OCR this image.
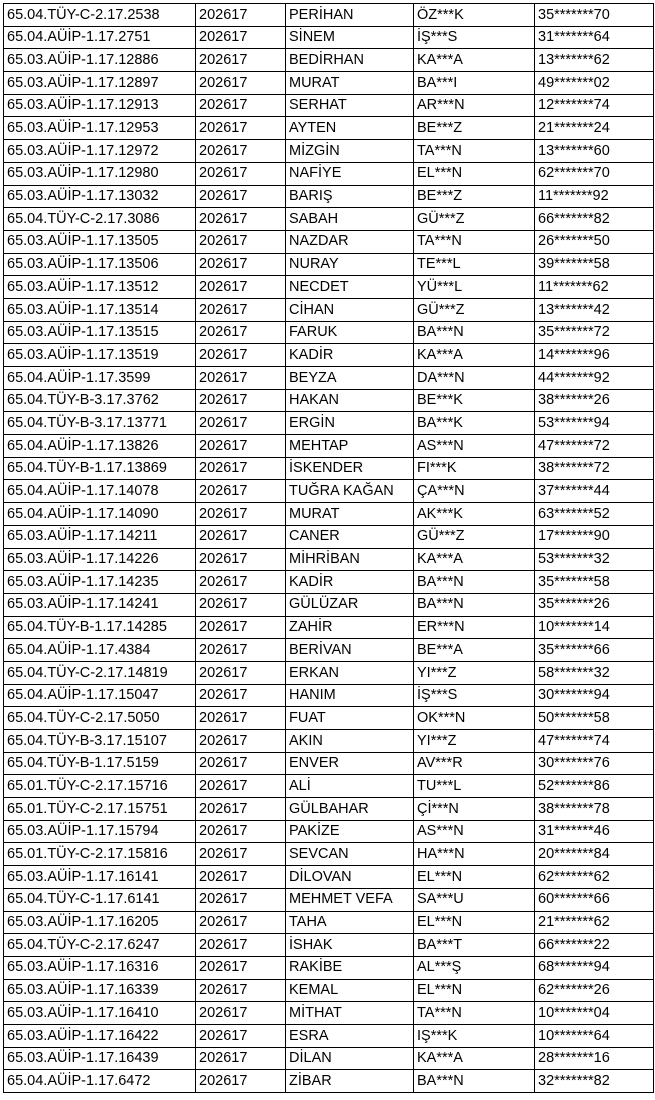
65.04.TÜY-C-2.17.2538	202617	PERİHAN	ÖZ***K	35*******70
65.04.AÜİP-1.17.2751	202617	SİNEM	İŞ***S	31*******64
65.03.AÜİP-1.17.12886	202617	BEDİRHAN	KA***A	13*******62
65.03.AÜİP-1.17.12897	202617	MURAT	BA***I	49*******02
65.03.AÜİP-1.17.12913	202617	SERHAT	AR***N	12*******74
65.03.AÜİP-1.17.12953	202617	AYTEN	BE***Z	21*******24
65.03.AÜİP-1.17.12972	202617	MİZGİN	TA***N	13*******60
65.03.AÜİP-1.17.12980	202617	NAFİYE	EL***N	62*******70
65.03.AÜİP-1.17.13032	202617	BARIŞ	BE***Z	11*******92
65.04.TÜY-C-2.17.3086	202617	SABAH	GÜ***Z	66*******82
65.03.AÜİP-1.17.13505	202617	NAZDAR	TA***N	26*******50
65.03.AÜİP-1.17.13506	202617	NURAY	TE***L	39*******58
65.03.AÜİP-1.17.13512	202617	NECDET	YÜ***L	11*******62
65.03.AÜİP-1.17.13514	202617	CİHAN	GÜ***Z	13*******42
65.03.AÜİP-1.17.13515	202617	FARUK	BA***N	35*******72
65.03.AÜİP-1.17.13519	202617	KADİR	KA***A	14*******96
65.04.AÜİP-1.17.3599	202617	BEYZA	DA***N	44*******92
65.04.TÜY-B-3.17.3762	202617	HAKAN	BE***K	38*******26
65.04.TÜY-B-3.17.13771	202617	ERGİN	BA***K	53*******94
65.04.AÜİP-1.17.13826	202617	MEHTAP	AS***N	47*******72
65.04.TÜY-B-1.17.13869	202617	İSKENDER	FI***K	38*******72
65.04.AÜİP-1.17.14078	202617	TUĞRA KAĞAN	ÇA***N	37*******44
65.04.AÜİP-1.17.14090	202617	MURAT	AK***K	63*******52
65.03.AÜİP-1.17.14211	202617	CANER	GÜ***Z	17*******90
65.03.AÜİP-1.17.14226	202617	MİHRİBAN	KA***A	53*******32
65.03.AÜİP-1.17.14235	202617	KADİR	BA***N	35*******58
65.03.AÜİP-1.17.14241	202617	GÜLÜZAR	BA***N	35*******26
65.04.TÜY-B-1.17.14285	202617	ZAHİR	ER***N	10*******14
65.04.AÜİP-1.17.4384	202617	BERİVAN	BE***A	35*******66
65.04.TÜY-C-2.17.14819	202617	ERKAN	YI***Z	58*******32
65.04.AÜİP-1.17.15047	202617	HANIM	İŞ***S	30*******94
65.04.TÜY-C-2.17.5050	202617	FUAT	OK***N	50*******58
65.04.TÜY-B-3.17.15107	202617	AKIN	YI***Z	47*******74
65.04.TÜY-B-1.17.5159	202617	ENVER	AV***R	30*******76
65.01.TÜY-C-2.17.15716	202617	ALİ	TU***L	52*******86
65.01.TÜY-C-2.17.15751	202617	GÜLBAHAR	Çİ***N	38*******78
65.03.AÜİP-1.17.15794	202617	PAKİZE	AS***N	31*******46
65.01.TÜY-C-2.17.15816	202617	SEVCAN	HA***N	20*******84
65.03.AÜİP-1.17.16141	202617	DİLOVAN	EL***N	62*******62
65.04.TÜY-C-1.17.6141	202617	MEHMET VEFA	SA***U	60*******66
65.03.AÜİP-1.17.16205	202617	TAHA	EL***N	21*******62
65.04.TÜY-C-2.17.6247	202617	İSHAK	BA***T	66*******22
65.03.AÜİP-1.17.16316	202617	RAKİBE	AL***Ş	68*******94
65.03.AÜİP-1.17.16339	202617	KEMAL	EL***N	62*******26
65.03.AÜİP-1.17.16410	202617	MİTHAT	TA***N	10*******04
65.03.AÜİP-1.17.16422	202617	ESRA	IŞ***K	10*******64
65.03.AÜİP-1.17.16439	202617	DİLAN	KA***A	28*******16
65.04.AÜİP-1.17.6472	202617	ZİBAR	BA***N	32*******82
